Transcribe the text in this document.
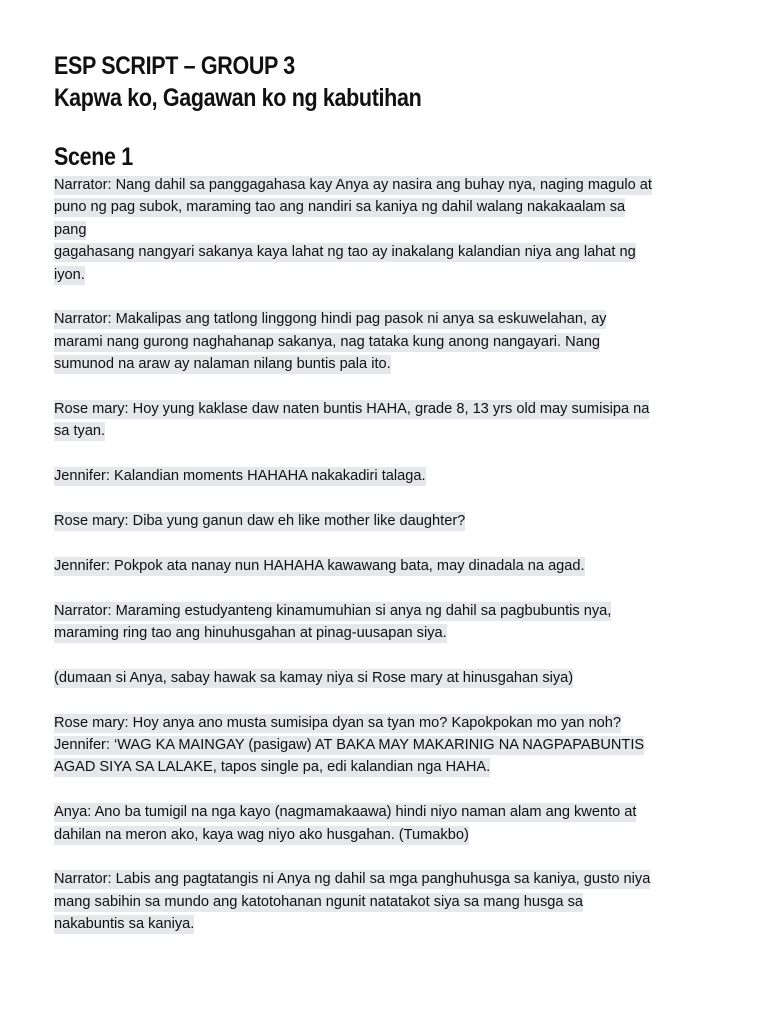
ESP SCRIPT – GROUP 3
Kapwa ko, Gagawan ko ng kabutihan
Scene 1
Narrator: Nang dahil sa panggagahasa kay Anya ay nasira ang buhay nya, naging magulo at
puno ng pag subok, maraming tao ang nandiri sa kaniya ng dahil walang nakakaalam sa
pang
gagahasang nangyari sakanya kaya lahat ng tao ay inakalang kalandian niya ang lahat ng
iyon.
Narrator: Makalipas ang tatlong linggong hindi pag pasok ni anya sa eskuwelahan, ay
marami nang gurong naghahanap sakanya, nag tataka kung anong nangayari. Nang
sumunod na araw ay nalaman nilang buntis pala ito.
Rose mary: Hoy yung kaklase daw naten buntis HAHA, grade 8, 13 yrs old may sumisipa na
sa tyan.
Jennifer: Kalandian moments HAHAHA nakakadiri talaga.
Rose mary: Diba yung ganun daw eh like mother like daughter?
Jennifer: Pokpok ata nanay nun HAHAHA kawawang bata, may dinadala na agad.
Narrator: Maraming estudyanteng kinamumuhian si anya ng dahil sa pagbubuntis nya,
maraming ring tao ang hinuhusgahan at pinag-uusapan siya.
(dumaan si Anya, sabay hawak sa kamay niya si Rose mary at hinusgahan siya)
Rose mary: Hoy anya ano musta sumisipa dyan sa tyan mo? Kapokpokan mo yan noh?
Jennifer: ‘WAG KA MAINGAY (pasigaw) AT BAKA MAY MAKARINIG NA NAGPAPABUNTIS
AGAD SIYA SA LALAKE, tapos single pa, edi kalandian nga HAHA.
Anya: Ano ba tumigil na nga kayo (nagmamakaawa) hindi niyo naman alam ang kwento at
dahilan na meron ako, kaya wag niyo ako husgahan. (Tumakbo)
Narrator: Labis ang pagtatangis ni Anya ng dahil sa mga panghuhusga sa kaniya, gusto niya
mang sabihin sa mundo ang katotohanan ngunit natatakot siya sa mang husga sa
nakabuntis sa kaniya.
